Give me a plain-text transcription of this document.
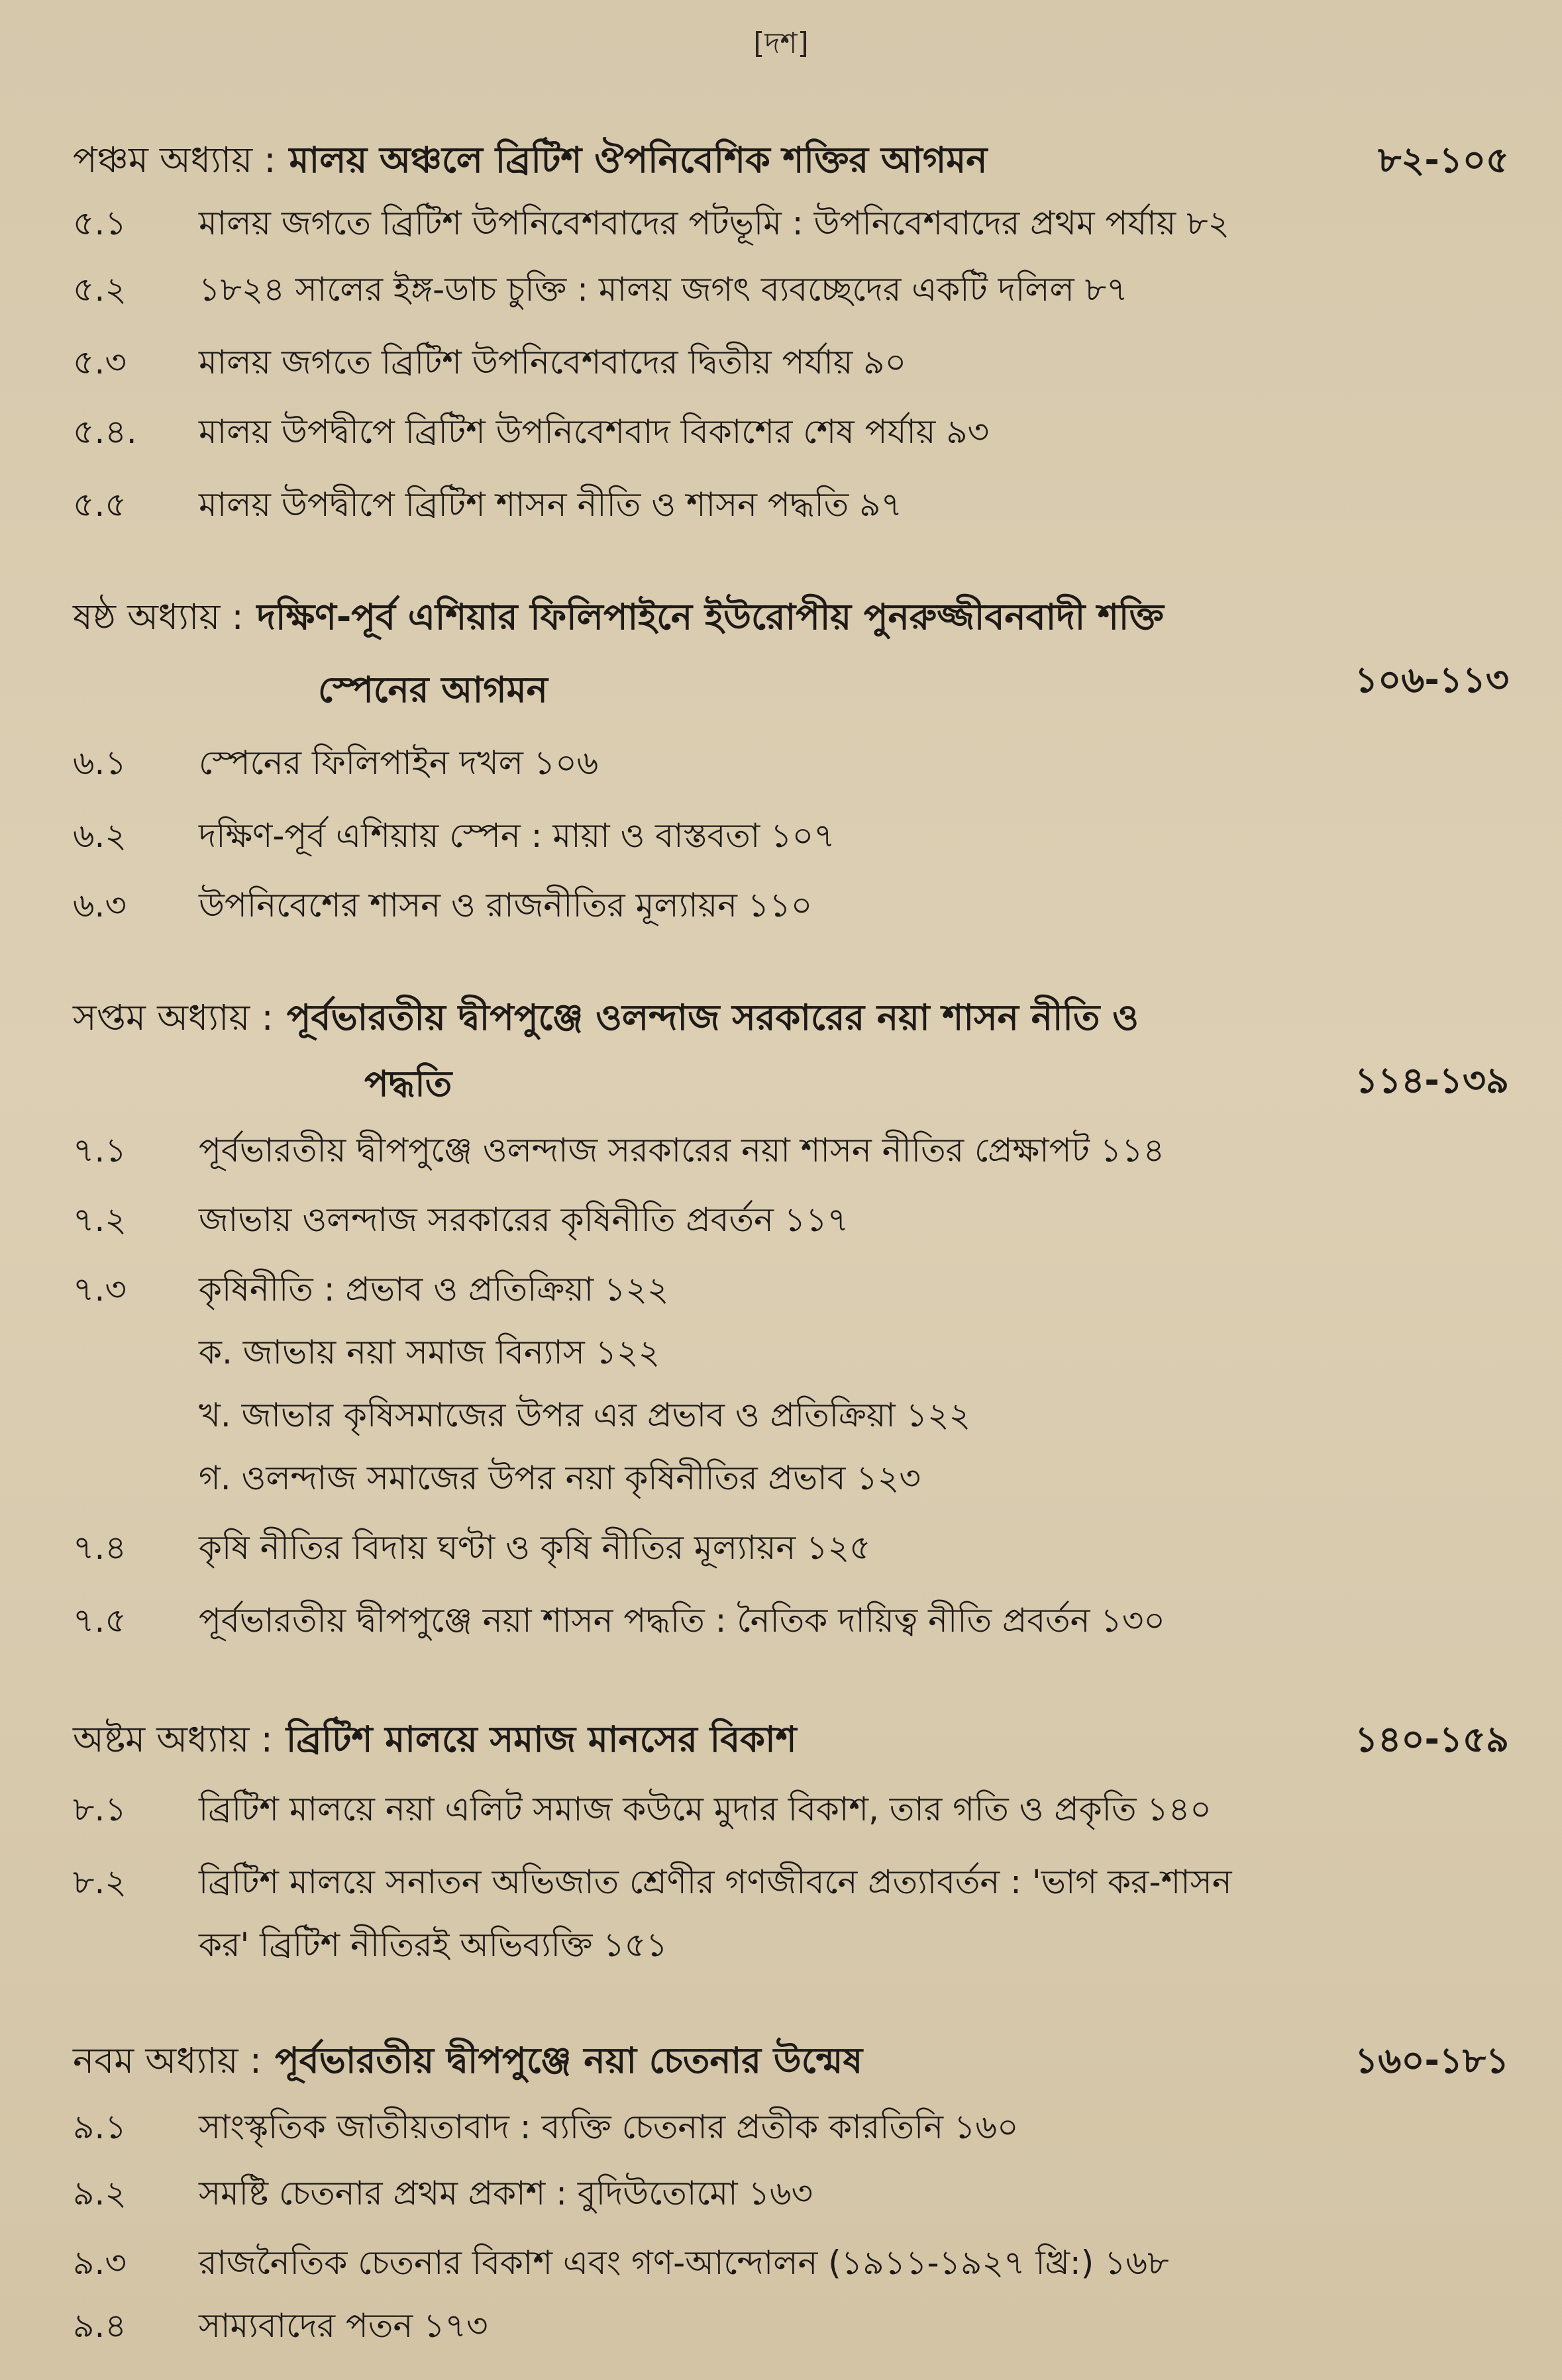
[দশ]
পঞ্চম অধ্যায় : মালয় অঞ্চলে ব্রিটিশ ঔপনিবেশিক শক্তির আগমন	৮২-১০৫
৫.১	মালয় জগতে ব্রিটিশ উপনিবেশবাদের পটভূমি : উপনিবেশবাদের প্রথম পর্যায় ৮২
৫.২	১৮২৪ সালের ইঙ্গ-ডাচ চুক্তি : মালয় জগৎ ব্যবচ্ছেদের একটি দলিল ৮৭
৫.৩	মালয় জগতে ব্রিটিশ উপনিবেশবাদের দ্বিতীয় পর্যায় ৯০
৫.৪.	মালয় উপদ্বীপে ব্রিটিশ উপনিবেশবাদ বিকাশের শেষ পর্যায় ৯৩
৫.৫	মালয় উপদ্বীপে ব্রিটিশ শাসন নীতি ও শাসন পদ্ধতি ৯৭
ষষ্ঠ অধ্যায় : দক্ষিণ-পূর্ব এশিয়ার ফিলিপাইনে ইউরোপীয় পুনরুজ্জীবনবাদী শক্তি
স্পেনের আগমন	১০৬-১১৩
৬.১	স্পেনের ফিলিপাইন দখল ১০৬
৬.২	দক্ষিণ-পূর্ব এশিয়ায় স্পেন : মায়া ও বাস্তবতা ১০৭
৬.৩	উপনিবেশের শাসন ও রাজনীতির মূল্যায়ন ১১০
সপ্তম অধ্যায় : পূর্বভারতীয় দ্বীপপুঞ্জে ওলন্দাজ সরকারের নয়া শাসন নীতি ও
পদ্ধতি	১১৪-১৩৯
৭.১	পূর্বভারতীয় দ্বীপপুঞ্জে ওলন্দাজ সরকারের নয়া শাসন নীতির প্রেক্ষাপট ১১৪
৭.২	জাভায় ওলন্দাজ সরকারের কৃষিনীতি প্রবর্তন ১১৭
৭.৩	কৃষিনীতি : প্রভাব ও প্রতিক্রিয়া ১২২
ক. জাভায় নয়া সমাজ বিন্যাস ১২২
খ. জাভার কৃষিসমাজের উপর এর প্রভাব ও প্রতিক্রিয়া ১২২
গ. ওলন্দাজ সমাজের উপর নয়া কৃষিনীতির প্রভাব ১২৩
৭.৪	কৃষি নীতির বিদায় ঘণ্টা ও কৃষি নীতির মূল্যায়ন ১২৫
৭.৫	পূর্বভারতীয় দ্বীপপুঞ্জে নয়া শাসন পদ্ধতি : নৈতিক দায়িত্ব নীতি প্রবর্তন ১৩০
অষ্টম অধ্যায় : ব্রিটিশ মালয়ে সমাজ মানসের বিকাশ	১৪০-১৫৯
৮.১	ব্রিটিশ মালয়ে নয়া এলিট সমাজ কউমে মুদার বিকাশ, তার গতি ও প্রকৃতি ১৪০
৮.২	ব্রিটিশ মালয়ে সনাতন অভিজাত শ্রেণীর গণজীবনে প্রত্যাবর্তন : 'ভাগ কর-শাসন
কর' ব্রিটিশ নীতিরই অভিব্যক্তি ১৫১
নবম অধ্যায় : পূর্বভারতীয় দ্বীপপুঞ্জে নয়া চেতনার উন্মেষ	১৬০-১৮১
৯.১	সাংস্কৃতিক জাতীয়তাবাদ : ব্যক্তি চেতনার প্রতীক কারতিনি ১৬০
৯.২	সমষ্টি চেতনার প্রথম প্রকাশ : বুদিউতোমো ১৬৩
৯.৩	রাজনৈতিক চেতনার বিকাশ এবং গণ-আন্দোলন (১৯১১-১৯২৭ খ্রি:) ১৬৮
৯.৪	সাম্যবাদের পতন ১৭৩
